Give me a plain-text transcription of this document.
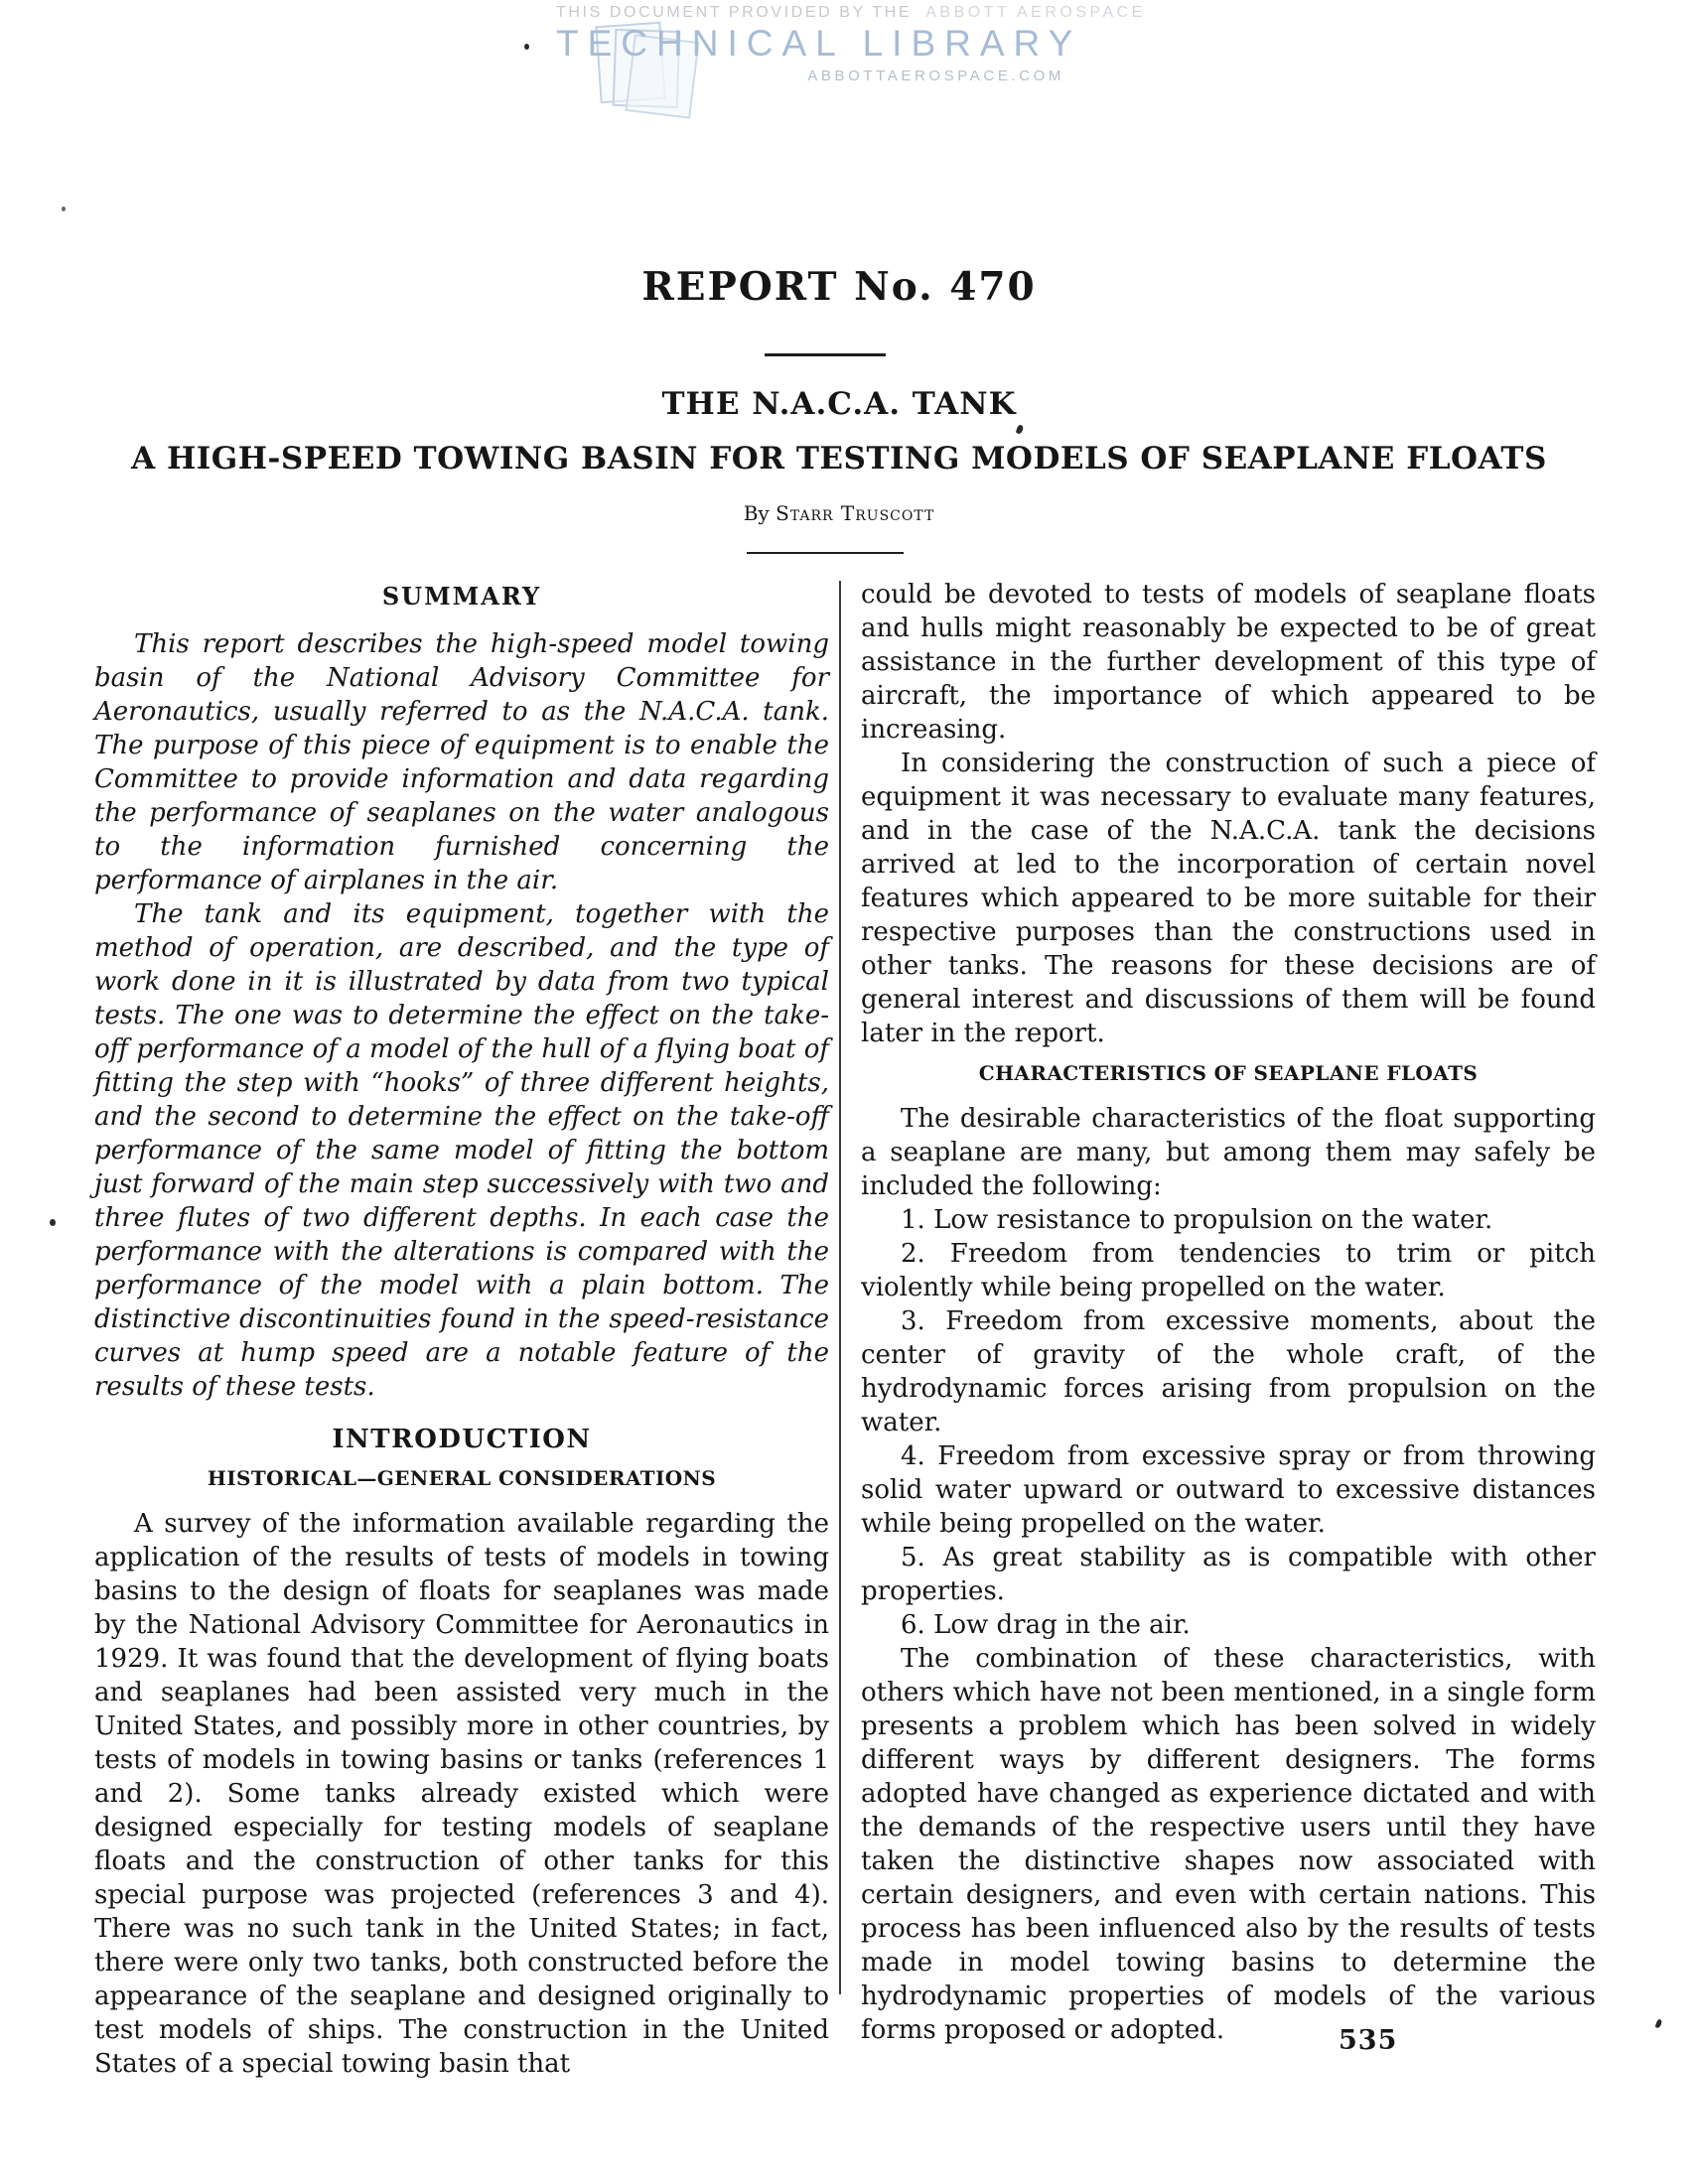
THIS DOCUMENT PROVIDED BY THE ABBOTT AEROSPACE
TECHNICAL LIBRARY
ABBOTTAEROSPACE.COM
REPORT No. 470
THE N.A.C.A. TANK
A HIGH-SPEED TOWING BASIN FOR TESTING MODELS OF SEAPLANE FLOATS

By Starr Truscott

SUMMARY

This report describes the high-speed model towing basin of the National Advisory Committee for Aeronautics, usually referred to as the N.A.C.A. tank. The purpose of this piece of equipment is to enable the Committee to provide information and data regarding the performance of seaplanes on the water analogous to the information furnished concerning the performance of airplanes in the air.

The tank and its equipment, together with the method of operation, are described, and the type of work done in it is illustrated by data from two typical tests. The one was to determine the effect on the take-off performance of a model of the hull of a flying boat of fitting the step with “hooks” of three different heights, and the second to determine the effect on the take-off performance of the same model of fitting the bottom just forward of the main step successively with two and three flutes of two different depths. In each case the performance with the alterations is compared with the performance of the model with a plain bottom. The distinctive discontinuities found in the speed-resistance curves at hump speed are a notable feature of the results of these tests.

INTRODUCTION
HISTORICAL—GENERAL CONSIDERATIONS

A survey of the information available regarding the application of the results of tests of models in towing basins to the design of floats for seaplanes was made by the National Advisory Committee for Aeronautics in 1929. It was found that the development of flying boats and seaplanes had been assisted very much in the United States, and possibly more in other countries, by tests of models in towing basins or tanks (references 1 and 2). Some tanks already existed which were designed especially for testing models of seaplane floats and the construction of other tanks for this special purpose was projected (references 3 and 4). There was no such tank in the United States; in fact, there were only two tanks, both constructed before the appearance of the seaplane and designed originally to test models of ships. The construction in the United States of a special towing basin that

could be devoted to tests of models of seaplane floats and hulls might reasonably be expected to be of great assistance in the further development of this type of aircraft, the importance of which appeared to be increasing.

In considering the construction of such a piece of equipment it was necessary to evaluate many features, and in the case of the N.A.C.A. tank the decisions arrived at led to the incorporation of certain novel features which appeared to be more suitable for their respective purposes than the constructions used in other tanks. The reasons for these decisions are of general interest and discussions of them will be found later in the report.

CHARACTERISTICS OF SEAPLANE FLOATS

The desirable characteristics of the float supporting a seaplane are many, but among them may safely be included the following:

1. Low resistance to propulsion on the water.

2. Freedom from tendencies to trim or pitch violently while being propelled on the water.

3. Freedom from excessive moments, about the center of gravity of the whole craft, of the hydrodynamic forces arising from propulsion on the water.

4. Freedom from excessive spray or from throwing solid water upward or outward to excessive distances while being propelled on the water.

5. As great stability as is compatible with other properties.

6. Low drag in the air.

The combination of these characteristics, with others which have not been mentioned, in a single form presents a problem which has been solved in widely different ways by different designers. The forms adopted have changed as experience dictated and with the demands of the respective users until they have taken the distinctive shapes now associated with certain designers, and even with certain nations. This process has been influenced also by the results of tests made in model towing basins to determine the hydrodynamic properties of models of the various forms proposed or adopted.	535
